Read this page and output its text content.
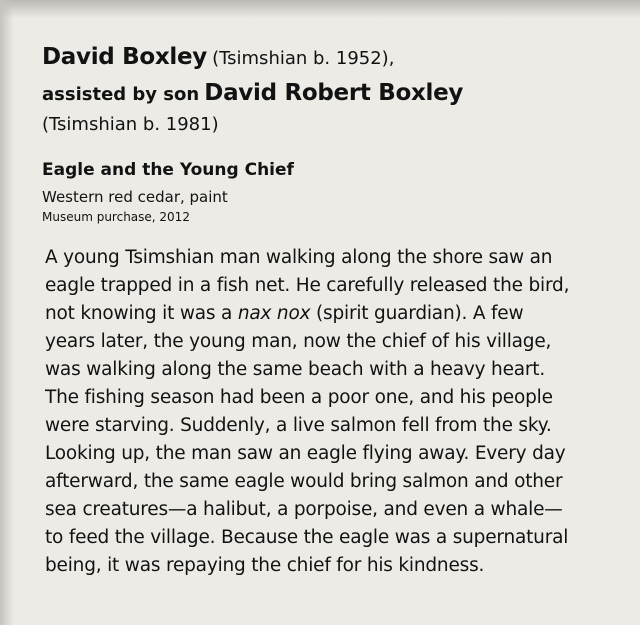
David Boxley (Tsimshian b. 1952),
assisted by son David Robert Boxley
(Tsimshian b. 1981)
Eagle and the Young Chief
Western red cedar, paint
Museum purchase, 2012
A young Tsimshian man walking along the shore saw an
eagle trapped in a fish net. He carefully released the bird,
not knowing it was a nax nox (spirit guardian). A few
years later, the young man, now the chief of his village,
was walking along the same beach with a heavy heart.
The fishing season had been a poor one, and his people
were starving. Suddenly, a live salmon fell from the sky.
Looking up, the man saw an eagle flying away. Every day
afterward, the same eagle would bring salmon and other
sea creatures—a halibut, a porpoise, and even a whale—
to feed the village. Because the eagle was a supernatural
being, it was repaying the chief for his kindness.
